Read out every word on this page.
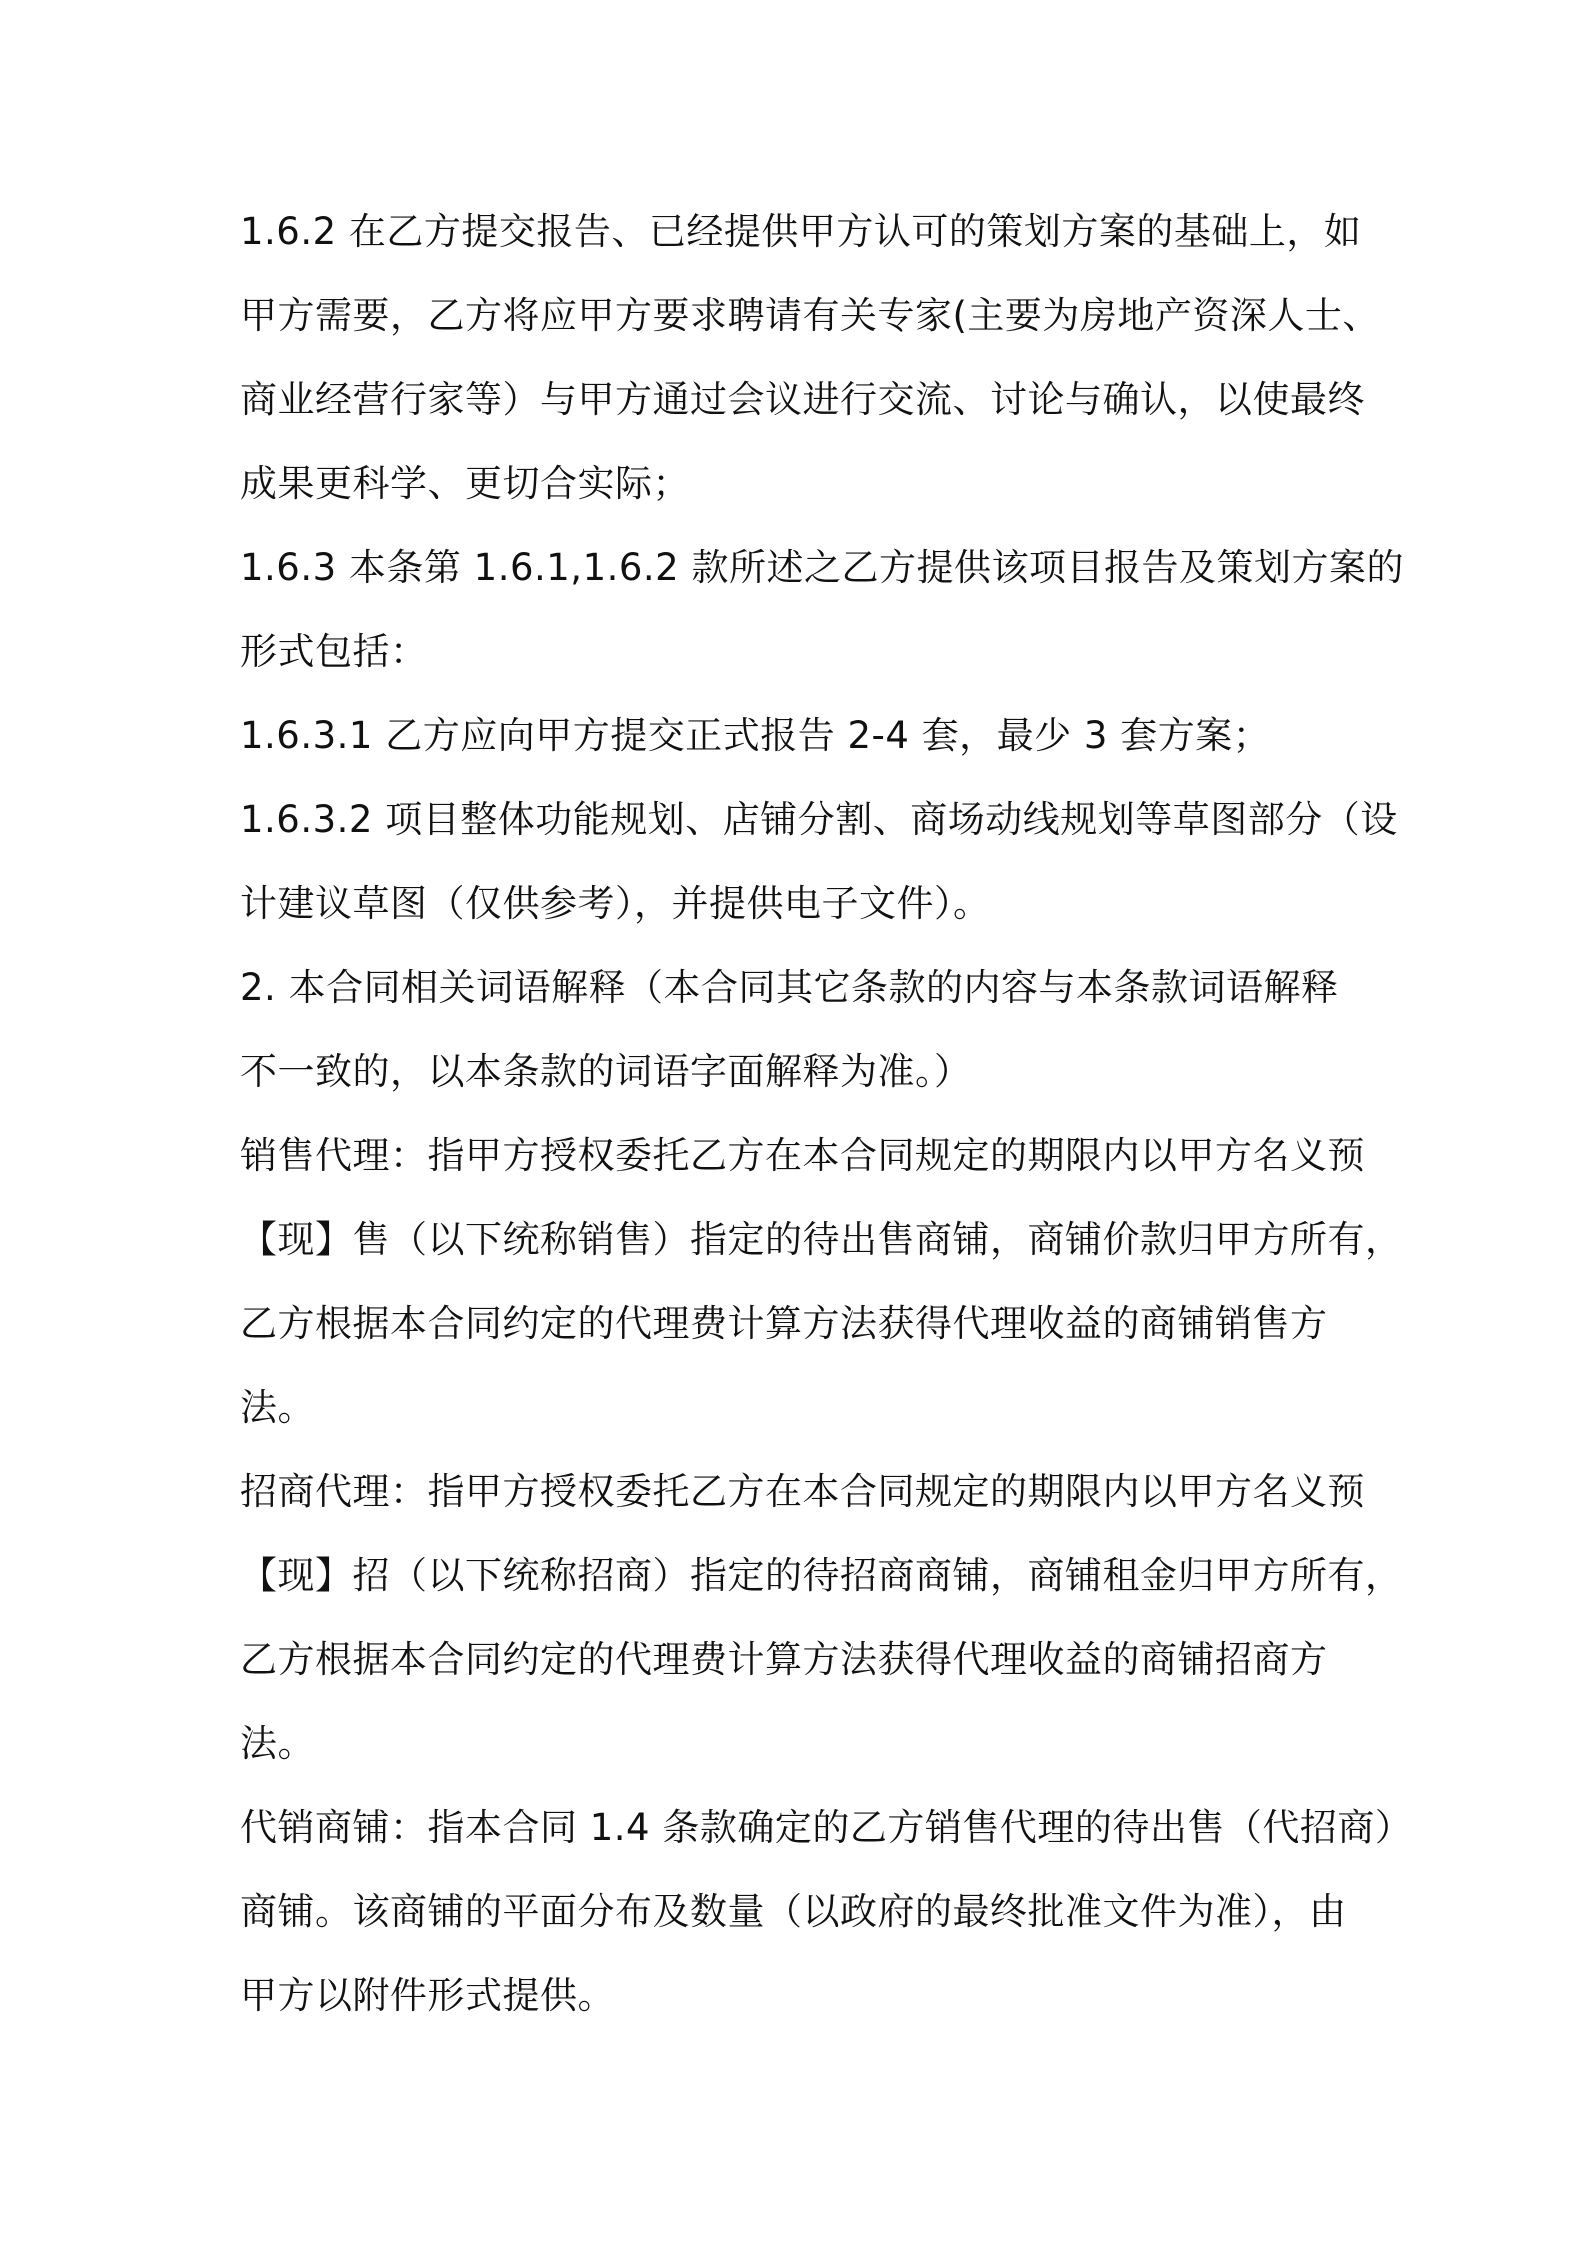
1.6.2 在乙方提交报告、已经提供甲方认可的策划方案的基础上，如
甲方需要，乙方将应甲方要求聘请有关专家(主要为房地产资深人士、
商业经营行家等）与甲方通过会议进行交流、讨论与确认，以使最终
成果更科学、更切合实际；
1.6.3 本条第 1.6.1,1.6.2 款所述之乙方提供该项目报告及策划方案的
形式包括：
1.6.3.1 乙方应向甲方提交正式报告 2-4 套，最少 3 套方案；
1.6.3.2 项目整体功能规划、店铺分割、商场动线规划等草图部分（设
计建议草图（仅供参考），并提供电子文件）。
2. 本合同相关词语解释（本合同其它条款的内容与本条款词语解释
不一致的，以本条款的词语字面解释为准。）
销售代理：指甲方授权委托乙方在本合同规定的期限内以甲方名义预
【现】售（以下统称销售）指定的待出售商铺，商铺价款归甲方所有，
乙方根据本合同约定的代理费计算方法获得代理收益的商铺销售方
法。
招商代理：指甲方授权委托乙方在本合同规定的期限内以甲方名义预
【现】招（以下统称招商）指定的待招商商铺，商铺租金归甲方所有，
乙方根据本合同约定的代理费计算方法获得代理收益的商铺招商方
法。
代销商铺：指本合同 1.4 条款确定的乙方销售代理的待出售（代招商）
商铺。该商铺的平面分布及数量（以政府的最终批准文件为准），由
甲方以附件形式提供。
